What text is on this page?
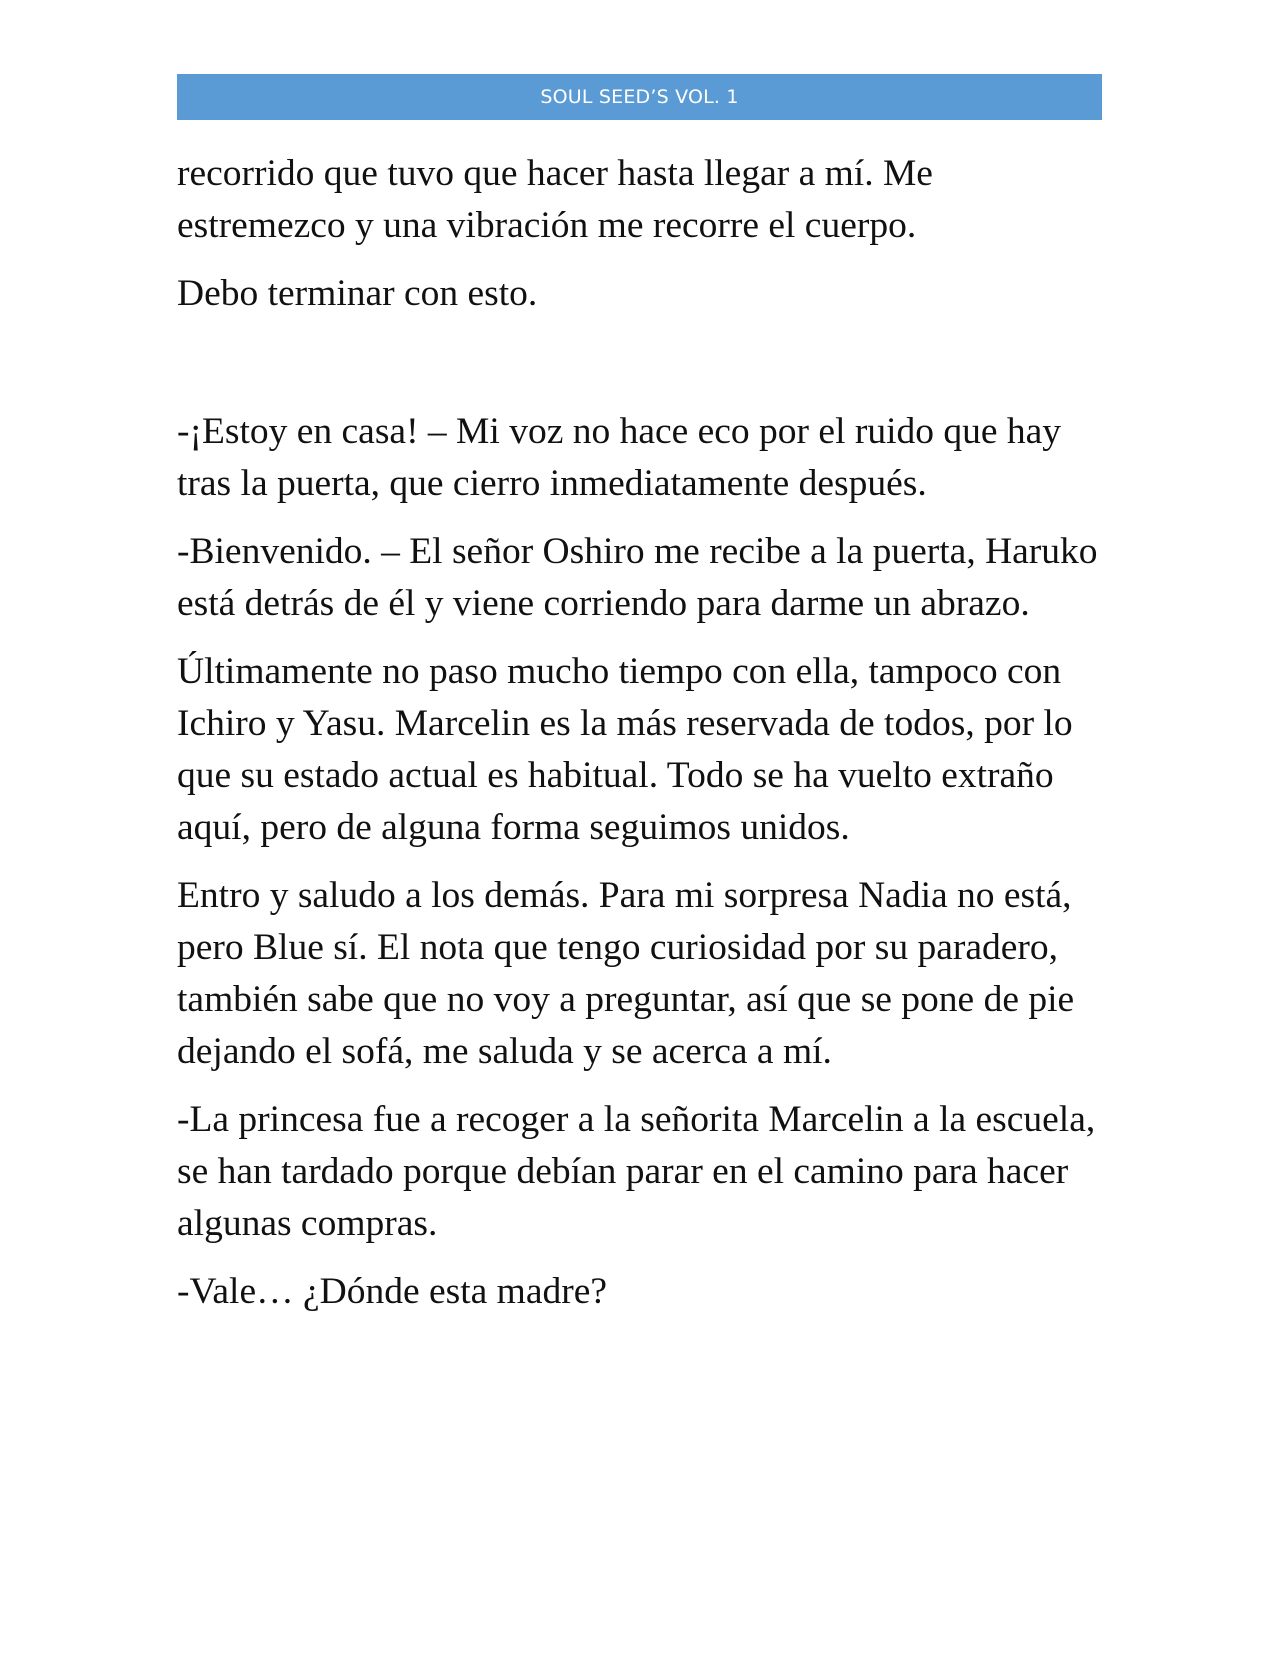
SOUL SEED’S VOL. 1

recorrido que tuvo que hacer hasta llegar a mí. Me estremezco y una vibración me recorre el cuerpo.

Debo terminar con esto.

-¡Estoy en casa! – Mi voz no hace eco por el ruido que hay tras la puerta, que cierro inmediatamente después.

-Bienvenido. – El señor Oshiro me recibe a la puerta, Haruko está detrás de él y viene corriendo para darme un abrazo.

Últimamente no paso mucho tiempo con ella, tampoco con Ichiro y Yasu. Marcelin es la más reservada de todos, por lo que su estado actual es habitual. Todo se ha vuelto extraño aquí, pero de alguna forma seguimos unidos.

Entro y saludo a los demás. Para mi sorpresa Nadia no está, pero Blue sí. El nota que tengo curiosidad por su paradero, también sabe que no voy a preguntar, así que se pone de pie dejando el sofá, me saluda y se acerca a mí.

-La princesa fue a recoger a la señorita Marcelin a la escuela, se han tardado porque debían parar en el camino para hacer algunas compras.

-Vale… ¿Dónde esta madre?
